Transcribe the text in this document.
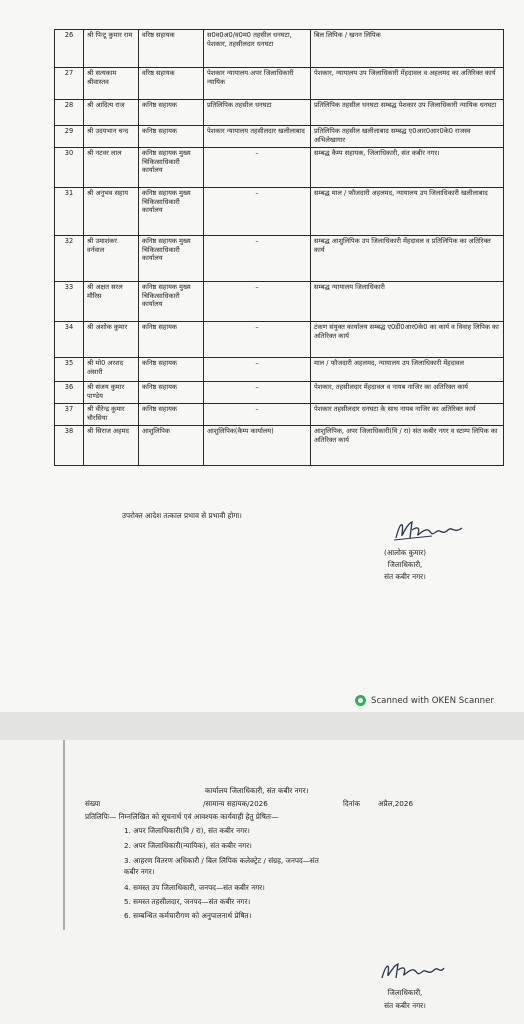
26	श्री पिन्टू कुमार राम	वरिष्ठ सहायक	स0व0अ0/व0म0 तहसील धनघटा, पेशकार, तहसीलदार धनघटा	बिल लिपिक / खनन लिपिक
27	श्री सत्यकाम श्रीवास्तव	वरिष्ठ सहायक	पेशकार न्यायालय अपर जिलाधिकारी न्यायिक	पेशकार, न्यायालय उप जिलाधिकारी मेंहदावल व अहलमद का अतिरिक्त कार्य
28	श्री आदित्य राज	कनिष्ठ सहायक	प्रतिलिपिक तहसील धनघटा	प्रतिलिपिक तहसील धनघटा सम्बद्ध पेशकार उप जिलाधिकारी न्यायिक धनघटा
29	श्री उदयभान चन्द	कनिष्ठ सहायक	पेशकार न्यायालय तहसीलदार खलीलाबाद	प्रतिलिपिक तहसील खलीलाबाद सम्बद्ध ए0आर0आर0के0 राजस्व अभिलेखागार
30	श्री नटवर लाल	कनिष्ठ सहायक मुख्य चिकित्साधिकारी कार्यालय	–	सम्बद्ध कैम्प सहायक, जिलाधिकारी, संत कबीर नगर।
31	श्री अनुभव सहाय	कनिष्ठ सहायक मुख्य चिकित्साधिकारी कार्यालय	–	सम्बद्ध माल / फौजदारी अहलमद, न्यायालय उप जिलाधिकारी खलीलाबाद
32	श्री उमाशंकर वर्नवाल	कनिष्ठ सहायक मुख्य चिकित्साधिकारी कार्यालय	–	सम्बद्ध आशुलिपिक उप जिलाधिकारी मेंहदावल व प्रतिलिपिक का अतिरिक्त कार्य
33	श्री अक्षत सरल मौरिस	कनिष्ठ सहायक मुख्य चिकित्साधिकारी कार्यालय	–	सम्बद्ध न्यायालय जिलाधिकारी
34	श्री अशोक कुमार	कनिष्ठ सहायक	–	टंकण संयुक्त कार्यालय सम्बद्ध ए0डी0आर0के0 का कार्य व विवाह लिपिक का अतिरिक्त कार्य
35	श्री मो0 अरशद अंसारी	कनिष्ठ सहायक	–	माल / फौजदारी अहलमद, न्यायालय उप जिलाधिकारी मेंहदावल
36	श्री संजय कुमार पाण्डेय	कनिष्ठ सहायक	–	पेशकार, तहसीलदार मेंहदावल व नायब नाजिर का अतिरिक्त कार्य
37	श्री वीरेन्द्र कुमार चौरसिया	कनिष्ठ सहायक	–	पेशकार तहसीलदार धनघटा के साथ नायब नाजिर का अतिरिक्त कार्य
38	श्री सिराज अहमद	आशुलिपिक	आशुलिपिक(कैम्प कार्यालय)	आशुलिपिक, अपर जिलाधिकारी(वि / रा) संत कबीर नगर व स्टाम्प लिपिक का अतिरिक्त कार्य
उपरोक्त आदेश तत्काल प्रभाव से प्रभावी होगा।
(आलोक कुमार)
जिलाधिकारी,
संत कबीर नगर।
Scanned with OKEN Scanner
कार्यालय जिलाधिकारी, संत कबीर नगर।
संख्या	/सामान्य सहायक/2026	दिनांक अप्रैल,2026
प्रतिलिपिः— निम्नलिखित को सूचनार्थ एवं आवश्यक कार्यवाही हेतु प्रेषितः—
1. अपर जिलाधिकारी(वि / रा), संत कबीर नगर।
2. अपर जिलाधिकारी(न्यायिक), संत कबीर नगर।
3. आहरण वितरण अधिकारी / बिल लिपिक कलेक्ट्रेट / संग्रह, जनपद—संत
कबीर नगर।
4. समस्त उप जिलाधिकारी, जनपद—संत कबीर नगर।
5. समस्त तहसीलदार, जनपद—संत कबीर नगर।
6. सम्बन्धित कर्मचारीगण को अनुपालनार्थ प्रेषित।
जिलाधिकारी,
संत कबीर नगर।
